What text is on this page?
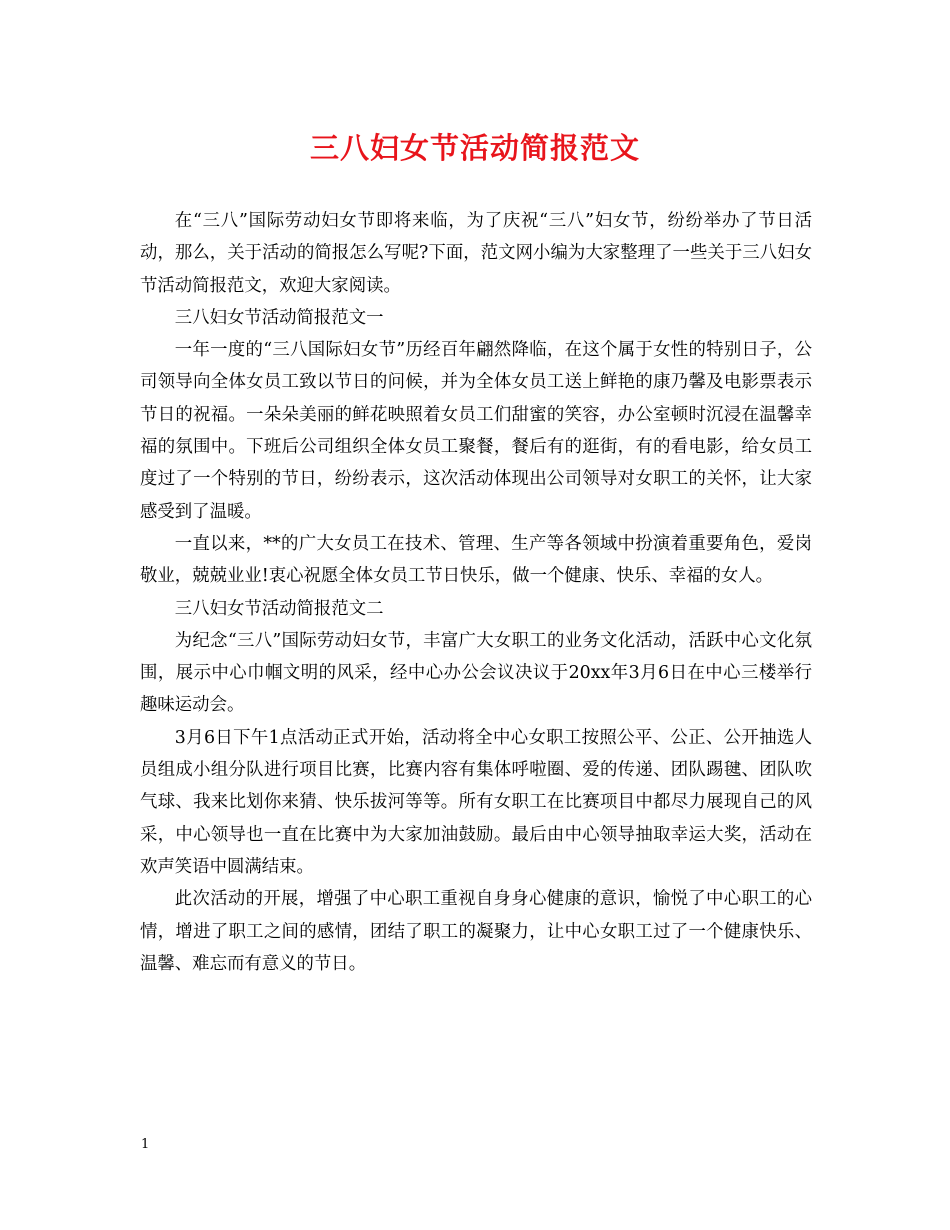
三八妇女节活动简报范文

在“三八”国际劳动妇女节即将来临，为了庆祝“三八”妇女节，纷纷举办了节日活动，那么，关于活动的简报怎么写呢?下面，范文网小编为大家整理了一些关于三八妇女节活动简报范文，欢迎大家阅读。

三八妇女节活动简报范文一

一年一度的“三八国际妇女节”历经百年翩然降临，在这个属于女性的特别日子，公司领导向全体女员工致以节日的问候，并为全体女员工送上鲜艳的康乃馨及电影票表示节日的祝福。一朵朵美丽的鲜花映照着女员工们甜蜜的笑容，办公室顿时沉浸在温馨幸福的氛围中。下班后公司组织全体女员工聚餐，餐后有的逛街，有的看电影，给女员工度过了一个特别的节日，纷纷表示，这次活动体现出公司领导对女职工的关怀，让大家感受到了温暖。

一直以来，**的广大女员工在技术、管理、生产等各领域中扮演着重要角色，爱岗敬业，兢兢业业!衷心祝愿全体女员工节日快乐，做一个健康、快乐、幸福的女人。

三八妇女节活动简报范文二

为纪念“三八”国际劳动妇女节，丰富广大女职工的业务文化活动，活跃中心文化氛围，展示中心巾帼文明的风采，经中心办公会议决议于20xx年3月6日在中心三楼举行趣味运动会。

3月6日下午1点活动正式开始，活动将全中心女职工按照公平、公正、公开抽选人员组成小组分队进行项目比赛，比赛内容有集体呼啦圈、爱的传递、团队踢毽、团队吹气球、我来比划你来猜、快乐拔河等等。所有女职工在比赛项目中都尽力展现自己的风采，中心领导也一直在比赛中为大家加油鼓励。最后由中心领导抽取幸运大奖，活动在欢声笑语中圆满结束。

此次活动的开展，增强了中心职工重视自身身心健康的意识，愉悦了中心职工的心情，增进了职工之间的感情，团结了职工的凝聚力，让中心女职工过了一个健康快乐、温馨、难忘而有意义的节日。

1
